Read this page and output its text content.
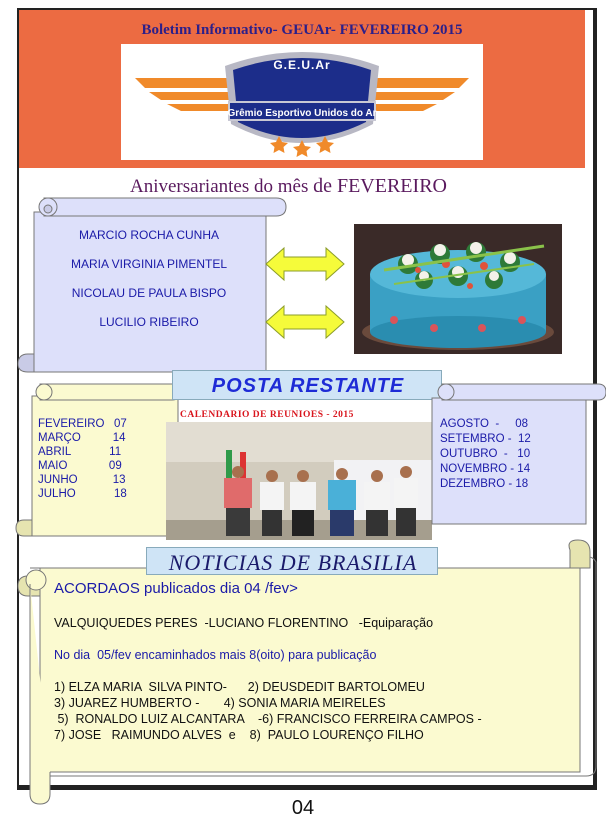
Boletim Informativo- GEUAr- FEVEREIRO 2015
G.E.U.Ar
Grêmio Esportivo Unidos do Ar
Aniversariantes do mês de FEVEREIRO
MARCIO ROCHA CUNHA
MARIA VIRGINIA PIMENTEL
NICOLAU DE PAULA BISPO
LUCILIO RIBEIRO
FEVEREIRO   07
MARÇO          14
ABRIL            11
MAIO             09
JUNHO           13
JULHO            18
POSTA RESTANTE
CALENDARIO DE REUNIOES - 2015
AGOSTO  -     08
SETEMBRO -  12
OUTUBRO  -   10
NOVEMBRO - 14
DEZEMBRO - 18
NOTICIAS DE BRASILIA
ACORDAOS publicados dia 04 /fev>
VALQUIQUEDES PERES  -LUCIANO FLORENTINO   -Equiparação
No dia  05/fev encaminhados mais 8(oito) para publicação
1) ELZA MARIA  SILVA PINTO-      2) DEUSDEDIT BARTOLOMEU
3) JUAREZ HUMBERTO -       4) SONIA MARIA MEIRELES
5)  RONALDO LUIZ ALCANTARA    -6) FRANCISCO FERREIRA CAMPOS -
7) JOSE   RAIMUNDO ALVES  e    8)  PAULO LOURENÇO FILHO
04
